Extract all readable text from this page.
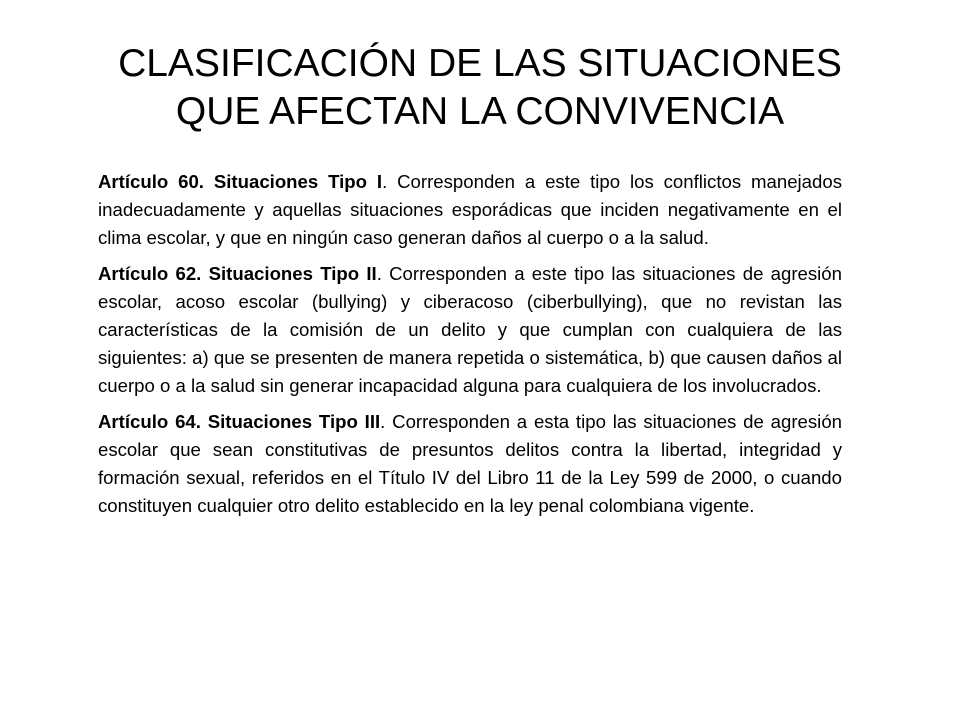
CLASIFICACIÓN DE LAS SITUACIONES
QUE AFECTAN LA CONVIVENCIA

Artículo 60. Situaciones Tipo I. Corresponden a este tipo los conflictos manejados inadecuadamente y aquellas situaciones esporádicas que inciden negativamente en el clima escolar, y que en ningún caso generan daños al cuerpo o a la salud.

Artículo 62. Situaciones Tipo II. Corresponden a este tipo las situaciones de agresión escolar, acoso escolar (bullying) y ciberacoso (ciberbullying), que no revistan las características de la comisión de un delito y que cumplan con cualquiera de las siguientes: a) que se presenten de manera repetida o sistemática, b) que causen daños al cuerpo o a la salud sin generar incapacidad alguna para cualquiera de los involucrados.

Artículo 64. Situaciones Tipo III. Corresponden a esta tipo las situaciones de agresión escolar que sean constitutivas de presuntos delitos contra la libertad, integridad y formación sexual, referidos en el Título IV del Libro 11 de la Ley 599 de 2000, o cuando constituyen cualquier otro delito establecido en la ley penal colombiana vigente.
